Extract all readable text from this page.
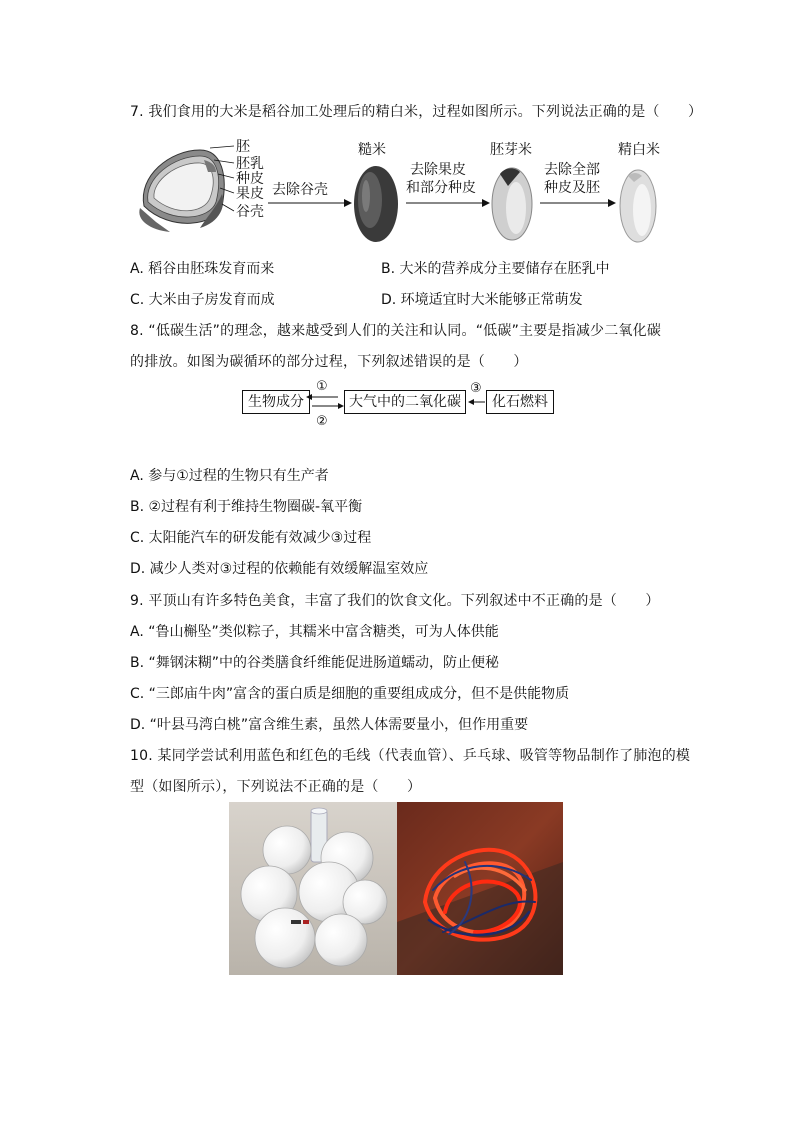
7. 我们食用的大米是稻谷加工处理后的精白米，过程如图所示。下列说法正确的是（　　）
胚
胚乳
种皮
果皮
谷壳
去除谷壳
糙米
去除果皮
和部分种皮
胚芽米
去除全部
种皮及胚
精白米
A. 稻谷由胚珠发育而来	B. 大米的营养成分主要储存在胚乳中
C. 大米由子房发育而成	D. 环境适宜时大米能够正常萌发
8. “低碳生活”的理念，越来越受到人们的关注和认同。“低碳”主要是指减少二氧化碳
的排放。如图为碳循环的部分过程，下列叙述错误的是（　　）
生物成分	大气中的二氧化碳	化石燃料
①
②
③
A. 参与①过程的生物只有生产者
B. ②过程有利于维持生物圈碳-氧平衡
C. 太阳能汽车的研发能有效减少③过程
D. 减少人类对③过程的依赖能有效缓解温室效应
9. 平顶山有许多特色美食，丰富了我们的饮食文化。下列叙述中不正确的是（　　）
A. “鲁山槲坠”类似粽子，其糯米中富含糖类，可为人体供能
B. “舞钢沫糊”中的谷类膳食纤维能促进肠道蠕动，防止便秘
C. “三郎庙牛肉”富含的蛋白质是细胞的重要组成成分，但不是供能物质
D. “叶县马湾白桃”富含维生素，虽然人体需要量小，但作用重要
10. 某同学尝试利用蓝色和红色的毛线（代表血管）、乒乓球、吸管等物品制作了肺泡的模
型（如图所示），下列说法不正确的是（　　）
